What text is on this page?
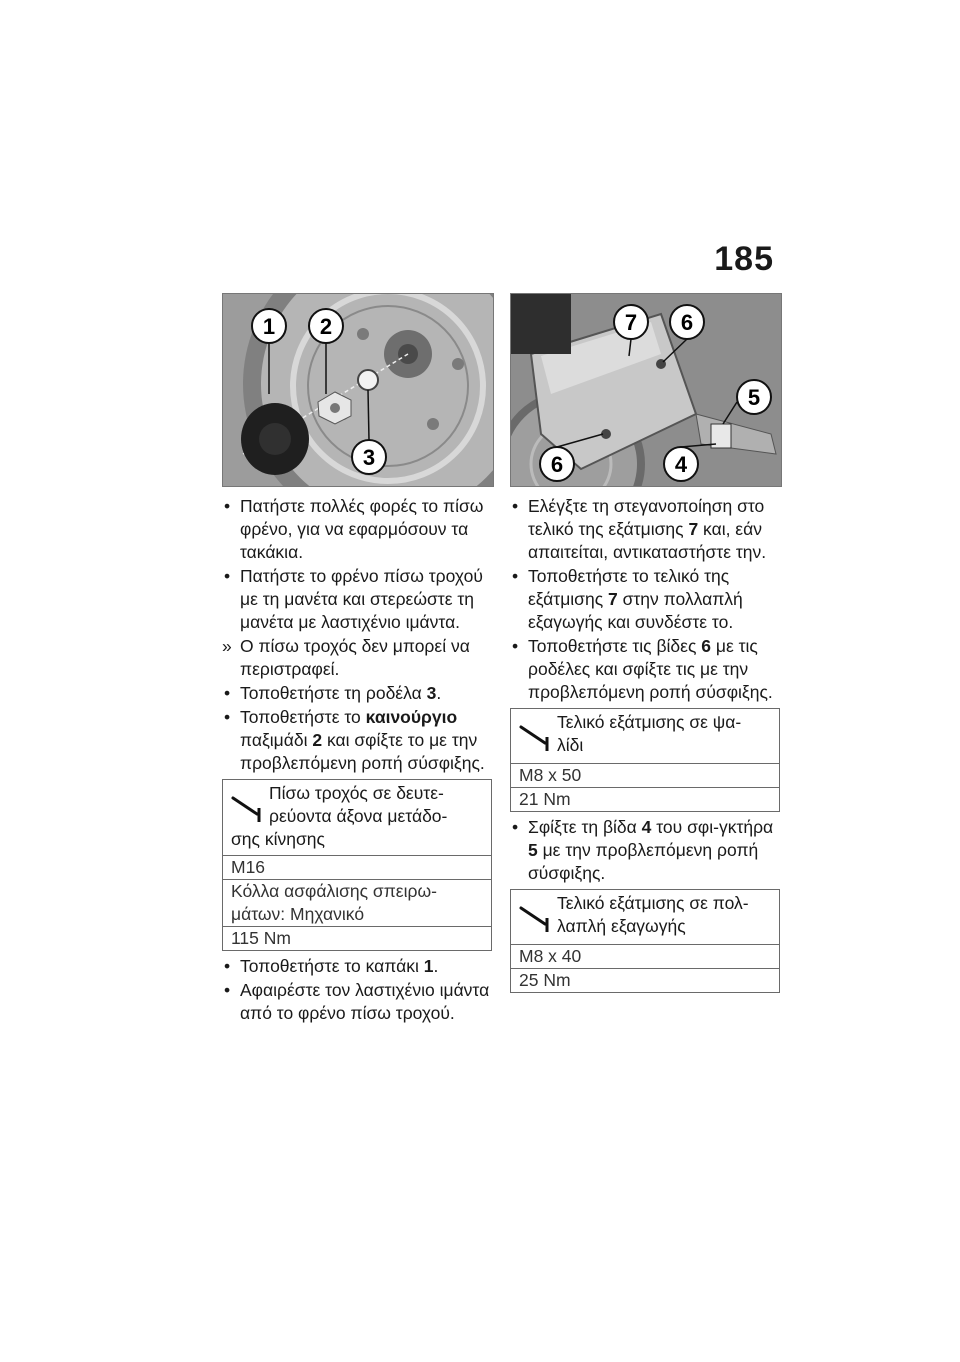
185
1 2
3
• Πατήστε πολλές φορές το πίσω φρένο, για να εφαρμόσουν τα τακάκια.
• Πατήστε το φρένο πίσω τροχού με τη μανέτα και στερεώστε τη μανέτα με λαστιχένιο ιμάντα.
» Ο πίσω τροχός δεν μπορεί να περιστραφεί.
• Τοποθετήστε τη ροδέλα 3.
• Τοποθετήστε το καινούργιο παξιμάδι 2 και σφίξτε το με την προβλεπόμενη ροπή σύσφιξης.
Πίσω τροχός σε δευτε-
ρεύοντα άξονα μετάδο-
σης κίνησης
M16
Κόλλα ασφάλισης σπειρω-μάτων: Μηχανικό
115 Nm
• Τοποθετήστε το καπάκι 1.
• Αφαιρέστε τον λαστιχένιο ιμάντα από το φρένο πίσω τροχού.
7 6
5
6	4
• Ελέγξτε τη στεγανοποίηση στο τελικό της εξάτμισης 7 και, εάν απαιτείται, αντικαταστήστε την.
• Τοποθετήστε το τελικό της εξάτμισης 7 στην πολλαπλή εξαγωγής και συνδέστε το.
• Τοποθετήστε τις βίδες 6 με τις ροδέλες και σφίξτε τις με την προβλεπόμενη ροπή σύσφιξης.
Τελικό εξάτμισης σε ψα-
λίδι
M8 x 50
21 Nm
• Σφίξτε τη βίδα 4 του σφι-γκτήρα 5 με την προβλεπόμενη ροπή σύσφιξης.
Τελικό εξάτμισης σε πολ-
λαπλή εξαγωγής
M8 x 40
25 Nm
